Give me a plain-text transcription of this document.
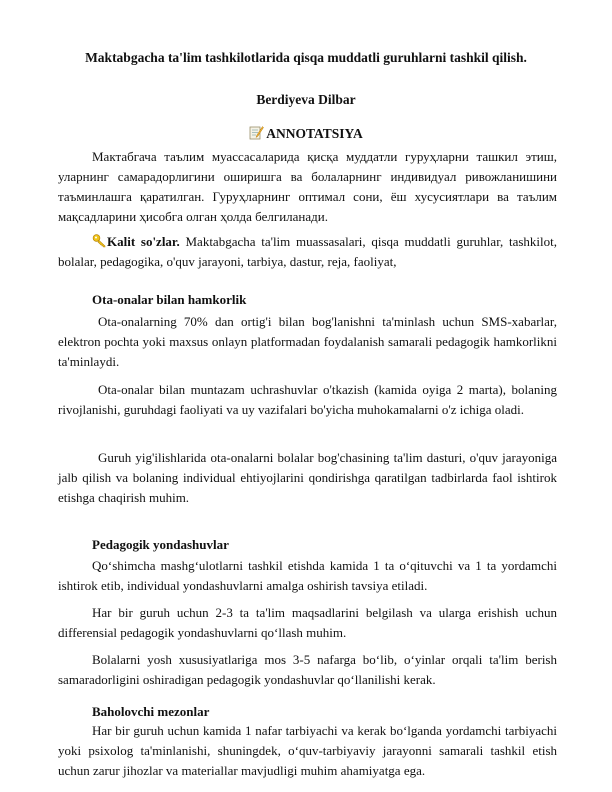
Maktabgacha ta'lim tashkilotlarida qisqa muddatli guruhlarni tashkil qilish.
Berdiyeva Dilbar
ANNOTATSIYA
Мактабгача таълим муассасаларида қисқа муддатли гуруҳларни ташкил этиш, уларнинг самарадорлигини оширишга ва болаларнинг индивидуал ривожланишини таъминлашга қаратилган. Гуруҳларнинг оптимал сони, ёш хусусиятлари ва таълим мақсадларини ҳисобга олган ҳолда белгиланади.
Kalit so'zlar. Maktabgacha ta'lim muassasalari, qisqa muddatli guruhlar, tashkilot, bolalar, pedagogika, o'quv jarayoni, tarbiya, dastur, reja, faoliyat,
Ota-onalar bilan hamkorlik
Ota-onalarning 70% dan ortig'i bilan bog'lanishni ta'minlash uchun SMS-xabarlar, elektron pochta yoki maxsus onlayn platformadan foydalanish samarali pedagogik hamkorlikni ta'minlaydi.
Ota-onalar bilan muntazam uchrashuvlar o'tkazish (kamida oyiga 2 marta), bolaning rivojlanishi, guruhdagi faoliyati va uy vazifalari bo'yicha muhokamalarni o'z ichiga oladi.
Guruh yig'ilishlarida ota-onalarni bolalar bog'chasining ta'lim dasturi, o'quv jarayoniga jalb qilish va bolaning individual ehtiyojlarini qondirishga qaratilgan tadbirlarda faol ishtirok etishga chaqirish muhim.
Pedagogik yondashuvlar
Qo‘shimcha mashg‘ulotlarni tashkil etishda kamida 1 ta o‘qituvchi va 1 ta yordamchi ishtirok etib, individual yondashuvlarni amalga oshirish tavsiya etiladi.
Har bir guruh uchun 2-3 ta ta'lim maqsadlarini belgilash va ularga erishish uchun differensial pedagogik yondashuvlarni qo‘llash muhim.
Bolalarni yosh xususiyatlariga mos 3-5 nafarga bo‘lib, o‘yinlar orqali ta'lim berish samaradorligini oshiradigan pedagogik yondashuvlar qo‘llanilishi kerak.
Baholovchi mezonlar
Har bir guruh uchun kamida 1 nafar tarbiyachi va kerak bo‘lganda yordamchi tarbiyachi yoki psixolog ta'minlanishi, shuningdek, o‘quv-tarbiyaviy jarayonni samarali tashkil etish uchun zarur jihozlar va materiallar mavjudligi muhim ahamiyatga ega.
